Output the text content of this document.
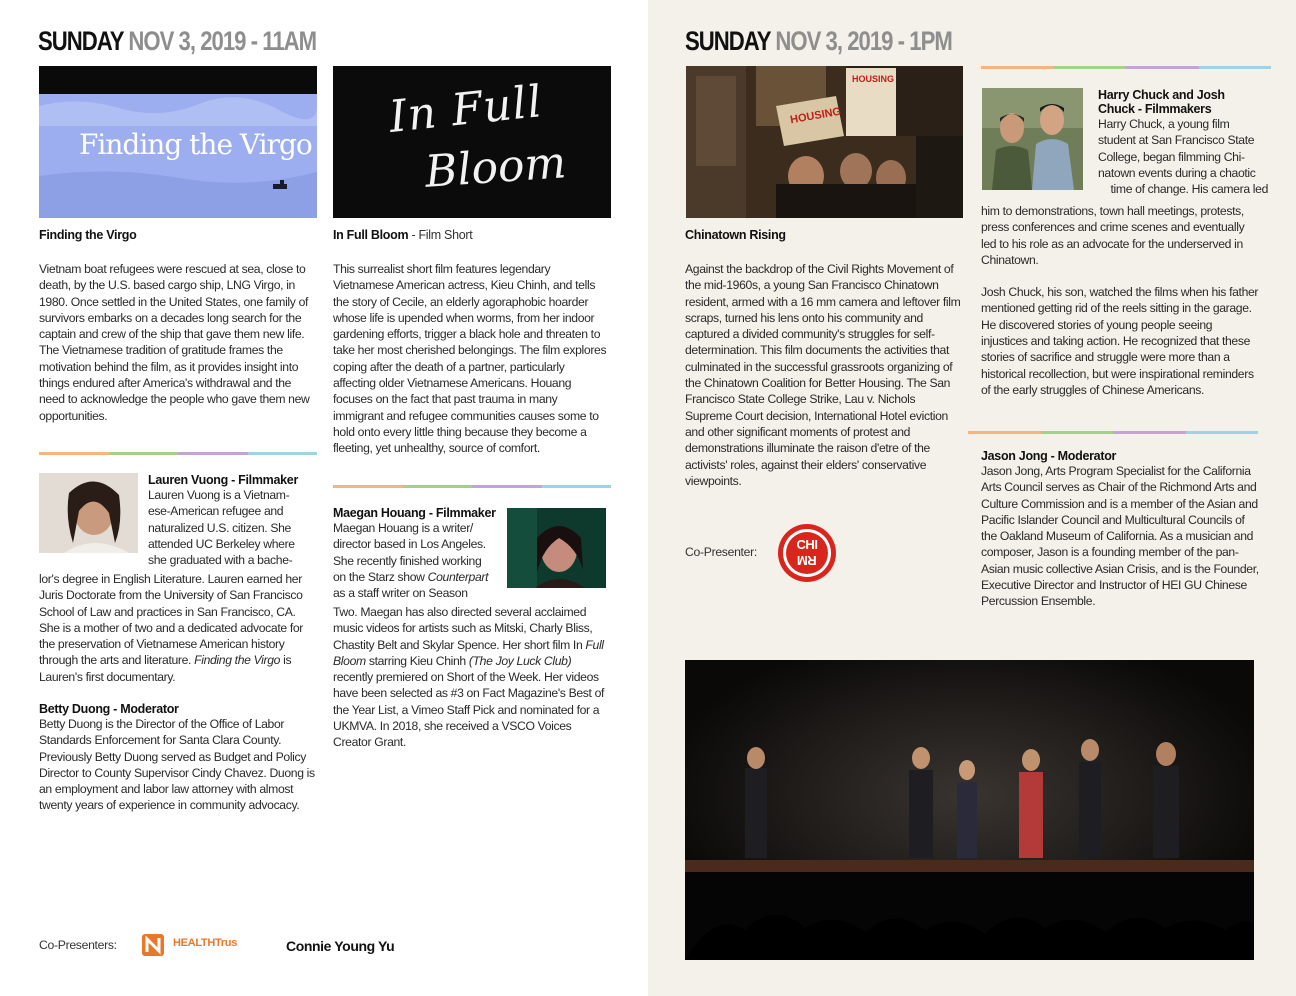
SUNDAY NOV 3, 2019 - 11AM
Finding the Virgo
In Full
Bloom
Finding the Virgo	In Full Bloom - Film Short
Vietnam boat refugees were rescued at sea, close to death, by the U.S. based cargo ship, LNG Virgo, in 1980. Once settled in the United States, one family of survivors embarks on a decades long search for the captain and crew of the ship that gave them new life. The Vietnamese tradition of gratitude frames the motivation behind the film, as it provides insight into things endured after America's withdrawal and the need to acknowledge the people who gave them new opportunities.
This surrealist short film features legendary Vietnamese American actress, Kieu Chinh, and tells the story of Cecile, an elderly agoraphobic hoarder whose life is upended when worms, from her indoor gardening efforts, trigger a black hole and threaten to take her most cherished belongings. The film explores coping after the death of a partner, particularly affecting older Vietnamese Americans. Houang focuses on the fact that past trauma in many immigrant and refugee communities causes some to hold onto every little thing because they become a fleeting, yet unhealthy, source of comfort.
Lauren Vuong - Filmmaker
Lauren Vuong is a Vietnam-
ese-American refugee and
naturalized U.S. citizen. She
attended UC Berkeley where
she graduated with a bache-
lor's degree in English Literature. Lauren earned her Juris Doctorate from the University of San Francisco School of Law and practices in San Francisco, CA. She is a mother of two and a dedicated advocate for the preservation of Vietnamese American history through the arts and literature. Finding the Virgo is Lauren's first documentary.
Betty Duong - Moderator
Betty Duong is the Director of the Office of Labor Standards Enforcement for Santa Clara County. Previously Betty Duong served as Budget and Policy Director to County Supervisor Cindy Chavez. Duong is an employment and labor law attorney with almost twenty years of experience in community advocacy.
Maegan Houang - Filmmaker
Maegan Houang is a writer/
director based in Los Angeles.
She recently finished working
on the Starz show Counterpart
as a staff writer on Season
Two. Maegan has also directed several acclaimed music videos for artists such as Mitski, Charly Bliss, Chastity Belt and Skylar Spence. Her short film In Full Bloom starring Kieu Chinh (The Joy Luck Club) recently premiered on Short of the Week. Her videos have been selected as #3 on Fact Magazine's Best of the Year List, a Vimeo Staff Pick and nominated for a UKMVA. In 2018, she received a VSCO Voices Creator Grant.
Co-Presenters:	HEALTHTrus	Connie Young Yu
SUNDAY NOV 3, 2019 - 1PM
HOUSING
HOUSING
Chinatown Rising
Against the backdrop of the Civil Rights Movement of the mid-1960s, a young San Francisco Chinatown resident, armed with a 16 mm camera and leftover film scraps, turned his lens onto his community and captured a divided community's struggles for self-determination. This film documents the activities that culminated in the successful grassroots organizing of the Chinatown Coalition for Better Housing. The San Francisco State College Strike, Lau v. Nichols Supreme Court decision, International Hotel eviction and other significant moments of protest and demonstrations illuminate the raison d'etre of the activists' roles, against their elders' conservative viewpoints.
Harry Chuck and Josh
Chuck - Filmmakers
Harry Chuck, a young film
student at San Francisco State
College, began filmming Chi-
natown events during a chaotic
time of change. His camera led

him to demonstrations, town hall meetings, protests, press conferences and crime scenes and eventually led to his role as an advocate for the underserved in Chinatown.

Josh Chuck, his son, watched the films when his father mentioned getting rid of the reels sitting in the garage. He discovered stories of young people seeing injustices and taking action. He recognized that these stories of sacrifice and struggle were more than a historical recollection, but were inspirational reminders of the early struggles of Chinese Americans.

Jason Jong - Moderator
Jason Jong, Arts Program Specialist for the California Arts Council serves as Chair of the Richmond Arts and Culture Commission and is a member of the Asian and Pacific Islander Council and Multicultural Councils of the Oakland Museum of California. As a musician and composer, Jason is a founding member of the pan-Asian music collective Asian Crisis, and is the Founder, Executive Director and Instructor of HEI GU Chinese Percussion Ensemble.
Co-Presenter:	CHI
RM
